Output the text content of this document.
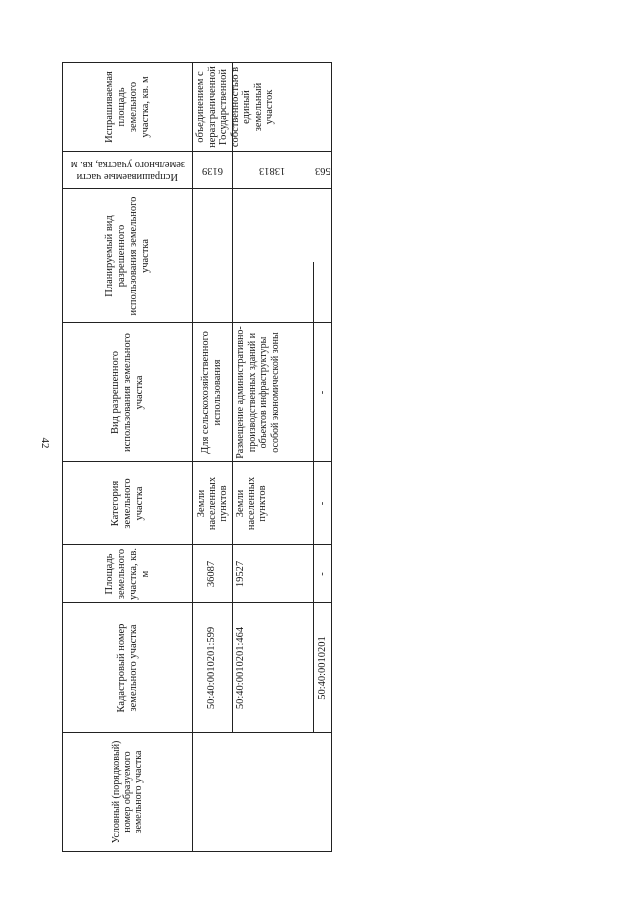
42
Условный (порядковый) номер образуемого земельного участка
Кадастровый номер земельного участка
Площадь земельного участка, кв. м
Категория земельного участка
Вид разрешенного использования земельного участка
Планируемый вид разрешенного использования земельного участка
Испрашиваемые части земельного участка, кв. м
Испрашиваемая площадь земельного участка, кв. м
50:40:0010201:599
36087
Земли населенных пунктов
Для сельскохозяйственного использования
6139
50:40:0010201:464
19527
Земли населенных пунктов
Размещение административно-производственных зданий и объектов инфраструктуры особой экономической зоны
13813
50:40:0010201
-
-
-
563
объединением с неразграниченной Государственной собственностью в единый земельный участок
